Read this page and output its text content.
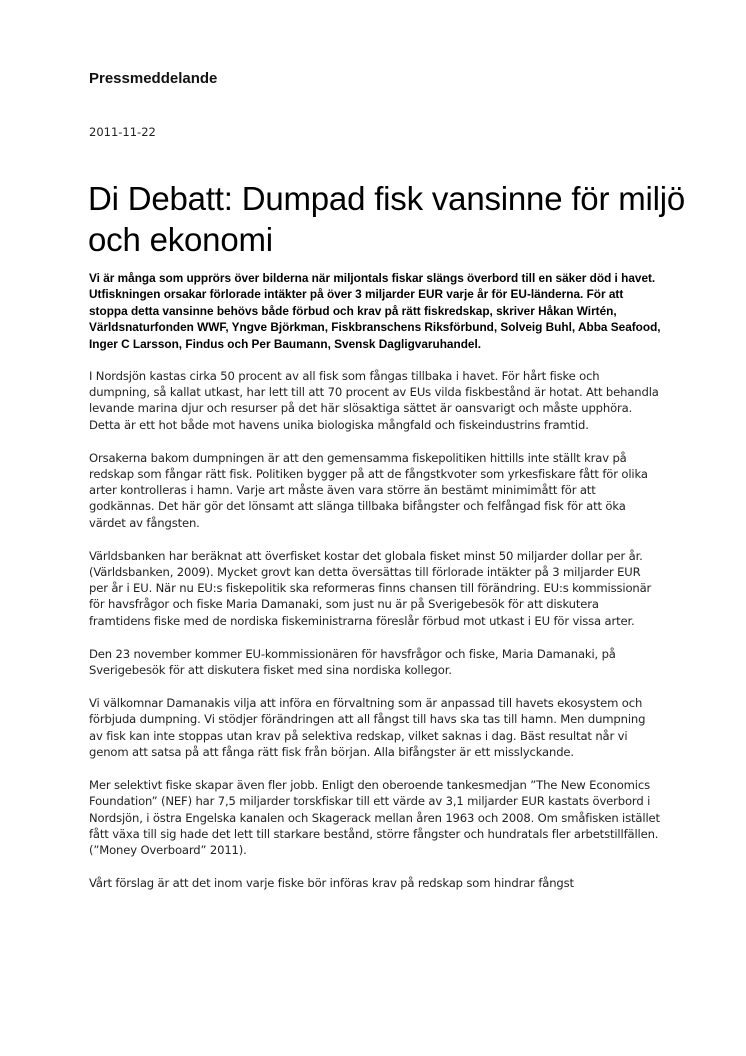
Pressmeddelande

2011-11-22

Di Debatt: Dumpad fisk vansinne för miljö och ekonomi

Vi är många som upprörs över bilderna när miljontals fiskar slängs överbord till en säker död i havet. Utfiskningen orsakar förlorade intäkter på över 3 miljarder EUR varje år för EU-länderna. För att stoppa detta vansinne behövs både förbud och krav på rätt fiskredskap, skriver Håkan Wirtén, Världsnaturfonden WWF, Yngve Björkman, Fiskbranschens Riksförbund, Solveig Buhl, Abba Seafood, Inger C Larsson, Findus och Per Baumann, Svensk Dagligvaruhandel.

I Nordsjön kastas cirka 50 procent av all fisk som fångas tillbaka i havet. För hårt fiske och dumpning, så kallat utkast, har lett till att 70 procent av EUs vilda fiskbestånd är hotat. Att behandla levande marina djur och resurser på det här slösaktiga sättet är oansvarigt och måste upphöra. Detta är ett hot både mot havens unika biologiska mångfald och fiskeindustrins framtid.

Orsakerna bakom dumpningen är att den gemensamma fiskepolitiken hittills inte ställt krav på redskap som fångar rätt fisk. Politiken bygger på att de fångstkvoter som yrkesfiskare fått för olika arter kontrolleras i hamn. Varje art måste även vara större än bestämt minimimått för att godkännas. Det här gör det lönsamt att slänga tillbaka bifångster och felfångad fisk för att öka värdet av fångsten.

Världsbanken har beräknat att överfisket kostar det globala fisket minst 50 miljarder dollar per år. (Världsbanken, 2009). Mycket grovt kan detta översättas till förlorade intäkter på 3 miljarder EUR per år i EU. När nu EU:s fiskepolitik ska reformeras finns chansen till förändring. EU:s kommissionär för havsfrågor och fiske Maria Damanaki, som just nu är på Sverigebesök för att diskutera framtidens fiske med de nordiska fiskeministrarna föreslår förbud mot utkast i EU för vissa arter.

Den 23 november kommer EU-kommissionären för havsfrågor och fiske, Maria Damanaki, på Sverigebesök för att diskutera fisket med sina nordiska kollegor.

Vi välkomnar Damanakis vilja att införa en förvaltning som är anpassad till havets ekosystem och förbjuda dumpning. Vi stödjer förändringen att all fångst till havs ska tas till hamn. Men dumpning av fisk kan inte stoppas utan krav på selektiva redskap, vilket saknas i dag. Bäst resultat når vi genom att satsa på att fånga rätt fisk från början. Alla bifångster är ett misslyckande.

Mer selektivt fiske skapar även fler jobb. Enligt den oberoende tankesmedjan ”The New Economics Foundation” (NEF) har 7,5 miljarder torskfiskar till ett värde av 3,1 miljarder EUR kastats överbord i Nordsjön, i östra Engelska kanalen och Skagerack mellan åren 1963 och 2008. Om småfisken istället fått växa till sig hade det lett till starkare bestånd, större fångster och hundratals fler arbetstillfällen. (”Money Overboard” 2011).

Vårt förslag är att det inom varje fiske bör införas krav på redskap som hindrar fångst
